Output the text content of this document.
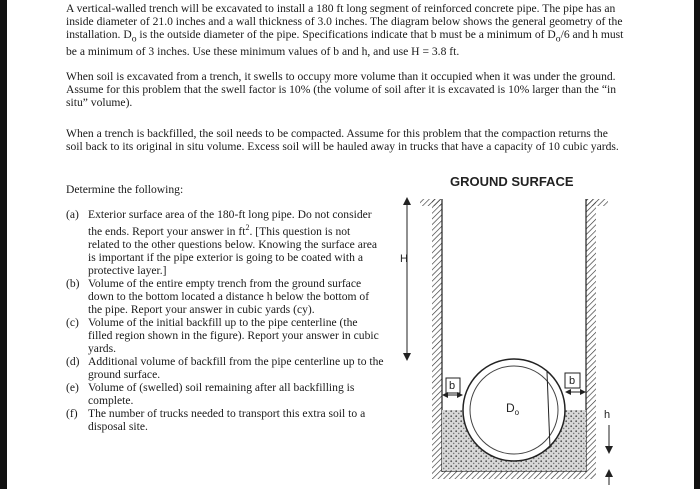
A vertical-walled trench will be excavated to install a 180 ft long segment of reinforced concrete pipe. The pipe has an inside diameter of 21.0 inches and a wall thickness of 3.0 inches. The diagram below shows the general geometry of the installation. $D_o$ is the outside diameter of the pipe. Specifications indicate that b must be a minimum of $D_o/6$ and h must be a minimum of 3 inches. Use these minimum values of b and h, and use H = 3.8 ft.

When soil is excavated from a trench, it swells to occupy more volume than it occupied when it was under the ground. Assume for this problem that the swell factor is 10% (the volume of soil after it is excavated is 10% larger than the “in situ” volume).

When a trench is backfilled, the soil needs to be compacted. Assume for this problem that the compaction returns the soil back to its original in situ volume. Excess soil will be hauled away in trucks that have a capacity of 10 cubic yards.

Determine the following:

(a) Exterior surface area of the 180-ft long pipe. Do not consider the ends. Report your answer in $ft^2$. [This question is not related to the other questions below. Knowing the surface area is important if the pipe exterior is going to be coated with a protective layer.]
(b) Volume of the entire empty trench from the ground surface down to the bottom located a distance h below the bottom of the pipe. Report your answer in cubic yards (cy).
(c) Volume of the initial backfill up to the pipe centerline (the filled region shown in the figure). Report your answer in cubic yards.
(d) Additional volume of backfill from the pipe centerline up to the ground surface.
(e) Volume of (swelled) soil remaining after all backfilling is complete.
(f) The number of trucks needed to transport this extra soil to a disposal site.
GROUND SURFACE
$D_o$
H
b	b
h
